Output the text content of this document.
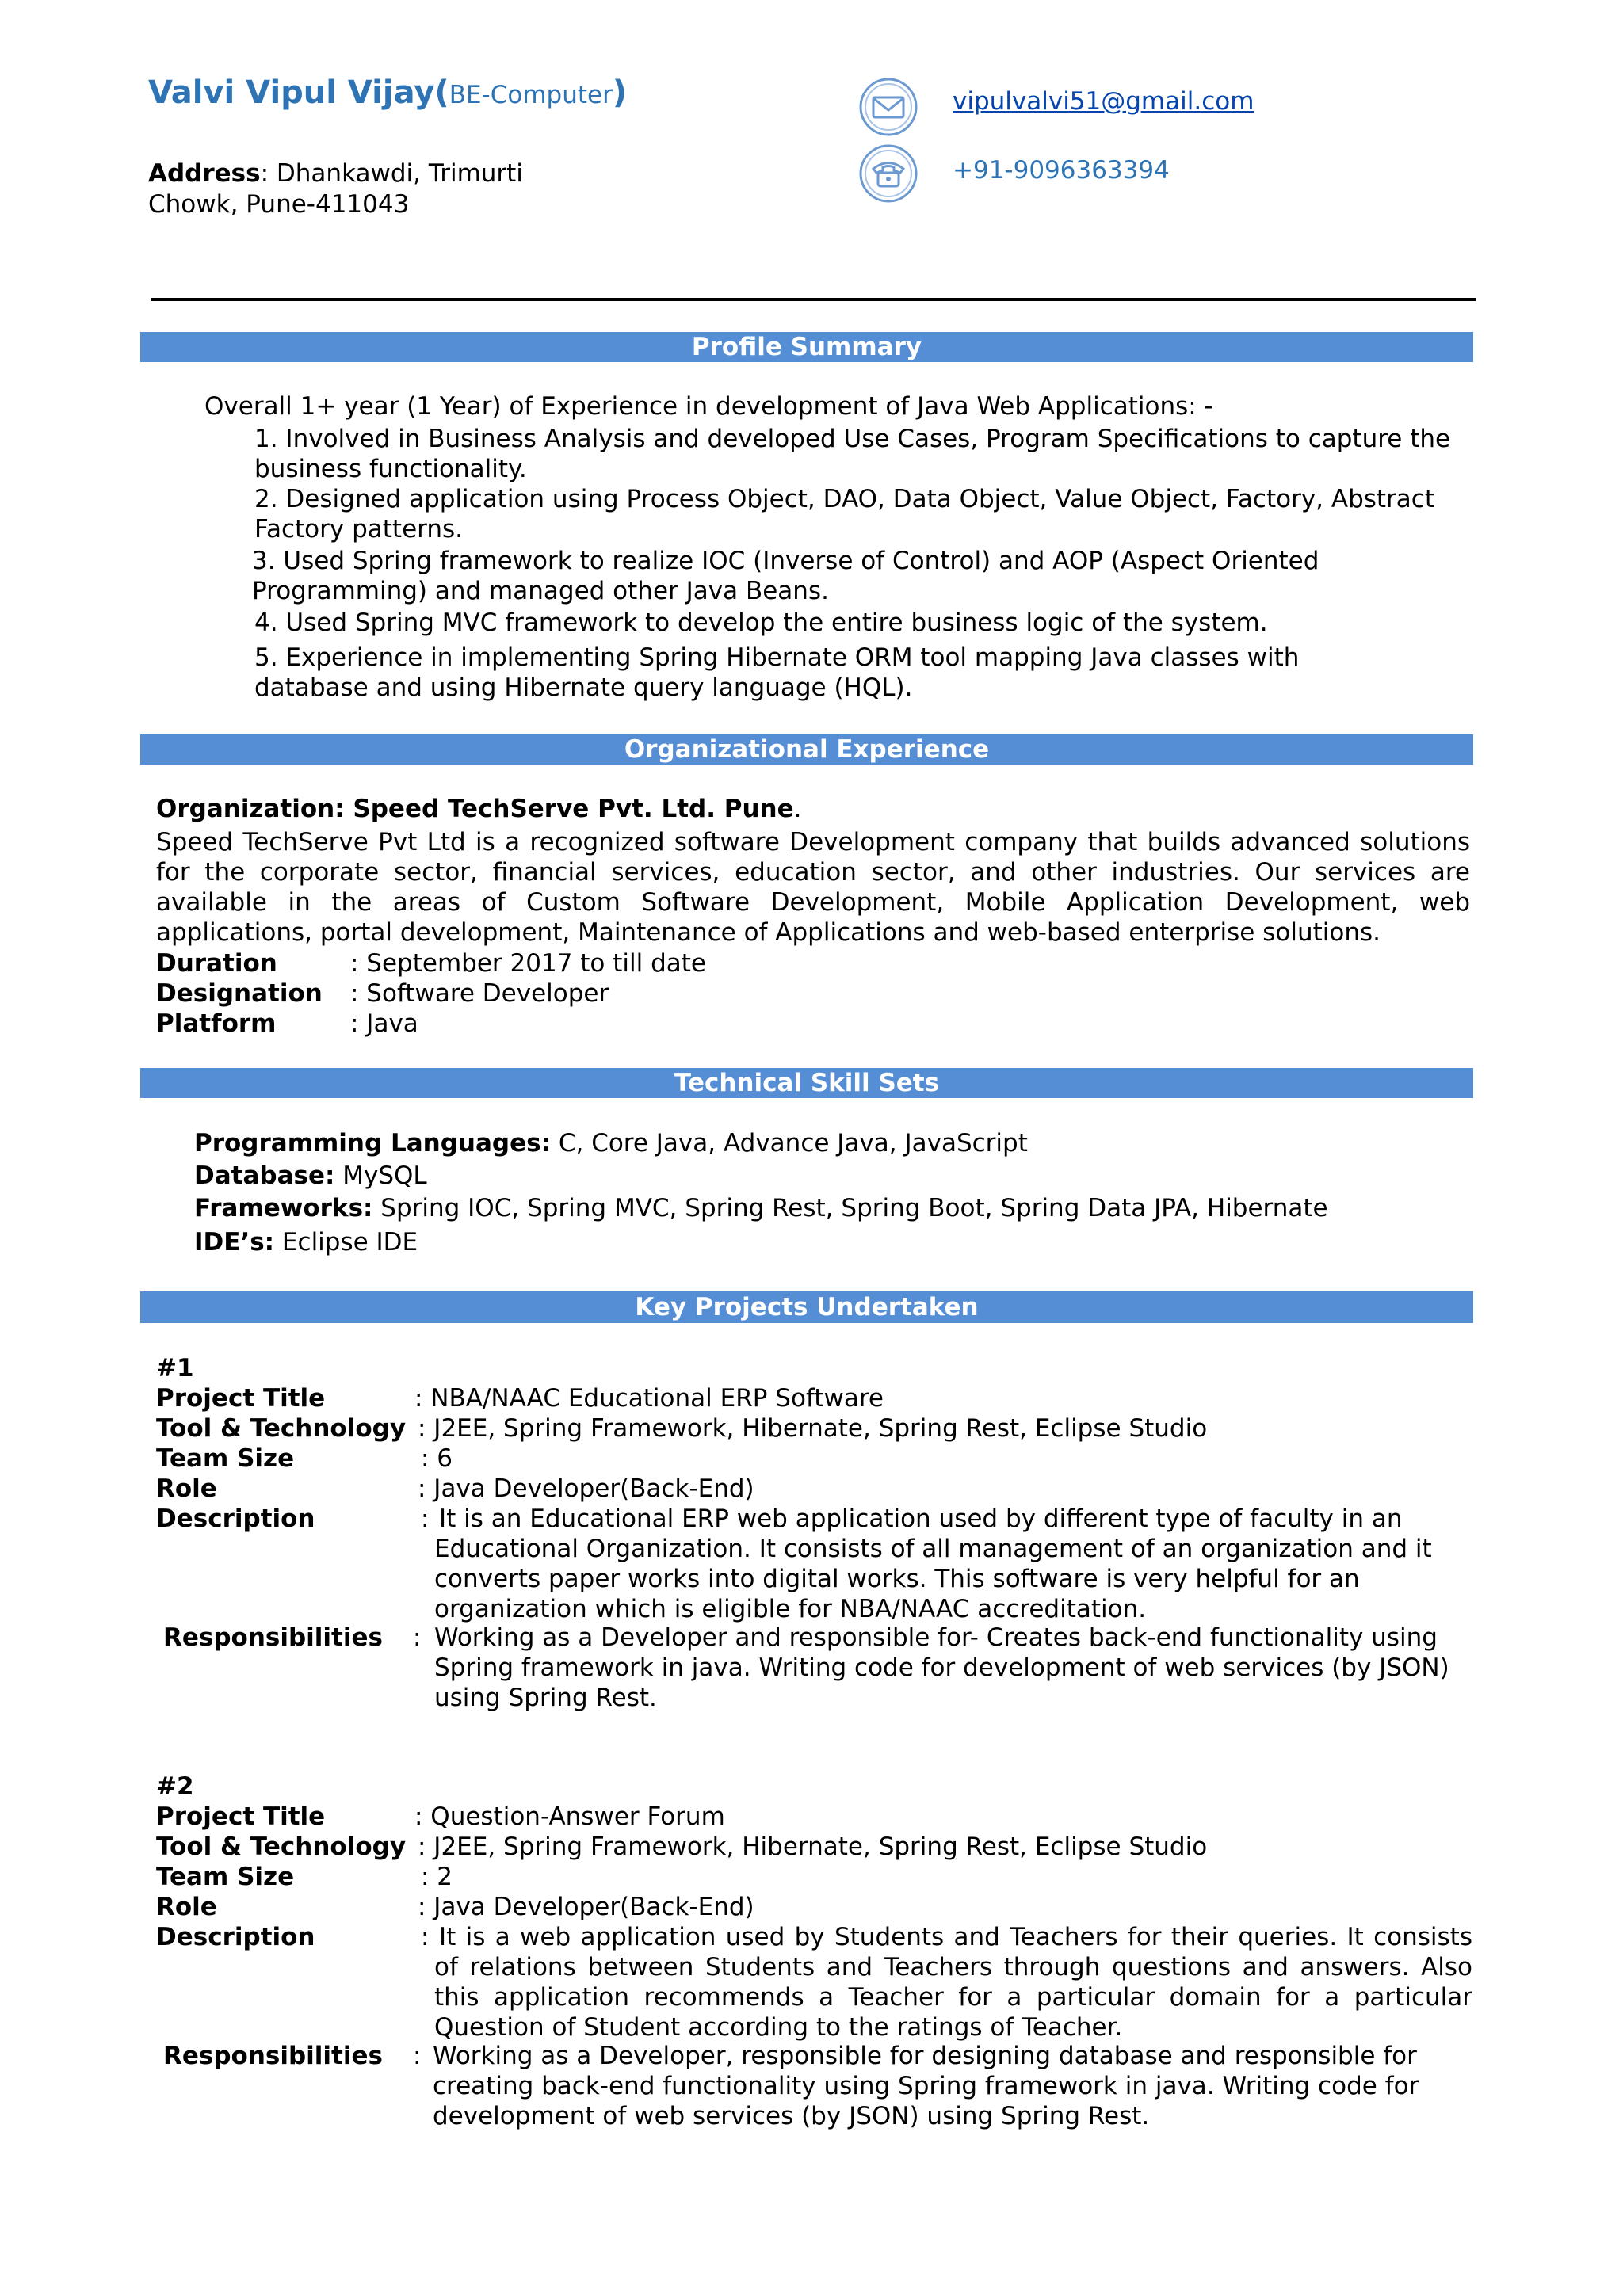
Valvi Vipul Vijay(BE-Computer)
Address: Dhankawdi, Trimurti Chowk, Pune-411043
vipulvalvi51@gmail.com
+91-9096363394
Profile Summary
Overall 1+ year (1 Year) of Experience in development of Java Web Applications: -
1. Involved in Business Analysis and developed Use Cases, Program Specifications to capture the business functionality.
2. Designed application using Process Object, DAO, Data Object, Value Object, Factory, Abstract Factory patterns.
3. Used Spring framework to realize IOC (Inverse of Control) and AOP (Aspect Oriented Programming) and managed other Java Beans.
4. Used Spring MVC framework to develop the entire business logic of the system.
5. Experience in implementing Spring Hibernate ORM tool mapping Java classes with database and using Hibernate query language (HQL).
Organizational Experience
Organization: Speed TechServe Pvt. Ltd. Pune.
Speed TechServe Pvt Ltd is a recognized software Development company that builds advanced solutions for the corporate sector, financial services, education sector, and other industries. Our services are available in the areas of Custom Software Development, Mobile Application Development, web applications, portal development, Maintenance of Applications and web-based enterprise solutions.
Duration	: September 2017 to till date
Designation : Software Developer
Platform	: Java
Technical Skill Sets
Programming Languages: C, Core Java, Advance Java, JavaScript
Database: MySQL
Frameworks: Spring IOC, Spring MVC, Spring Rest, Spring Boot, Spring Data JPA, Hibernate
IDE’s: Eclipse IDE
Key Projects Undertaken
#1
Project Title	: NBA/NAAC Educational ERP Software
Tool & Technology : J2EE, Spring Framework, Hibernate, Spring Rest, Eclipse Studio
Team Size	: 6
Role	: Java Developer(Back-End)
Description	: It is an Educational ERP web application used by different type of faculty in an Educational Organization. It consists of all management of an organization and it converts paper works into digital works. This software is very helpful for an organization which is eligible for NBA/NAAC accreditation.
Responsibilities : Working as a Developer and responsible for- Creates back-end functionality using Spring framework in java. Writing code for development of web services (by JSON) using Spring Rest.
#2
Project Title	: Question-Answer Forum
Tool & Technology : J2EE, Spring Framework, Hibernate, Spring Rest, Eclipse Studio
Team Size	: 2
Role	: Java Developer(Back-End)
Description	: It is a web application used by Students and Teachers for their queries. It consists of relations between Students and Teachers through questions and answers. Also this application recommends a Teacher for a particular domain for a particular Question of Student according to the ratings of Teacher.
Responsibilities : Working as a Developer, responsible for designing database and responsible for creating back-end functionality using Spring framework in java. Writing code for development of web services (by JSON) using Spring Rest.
